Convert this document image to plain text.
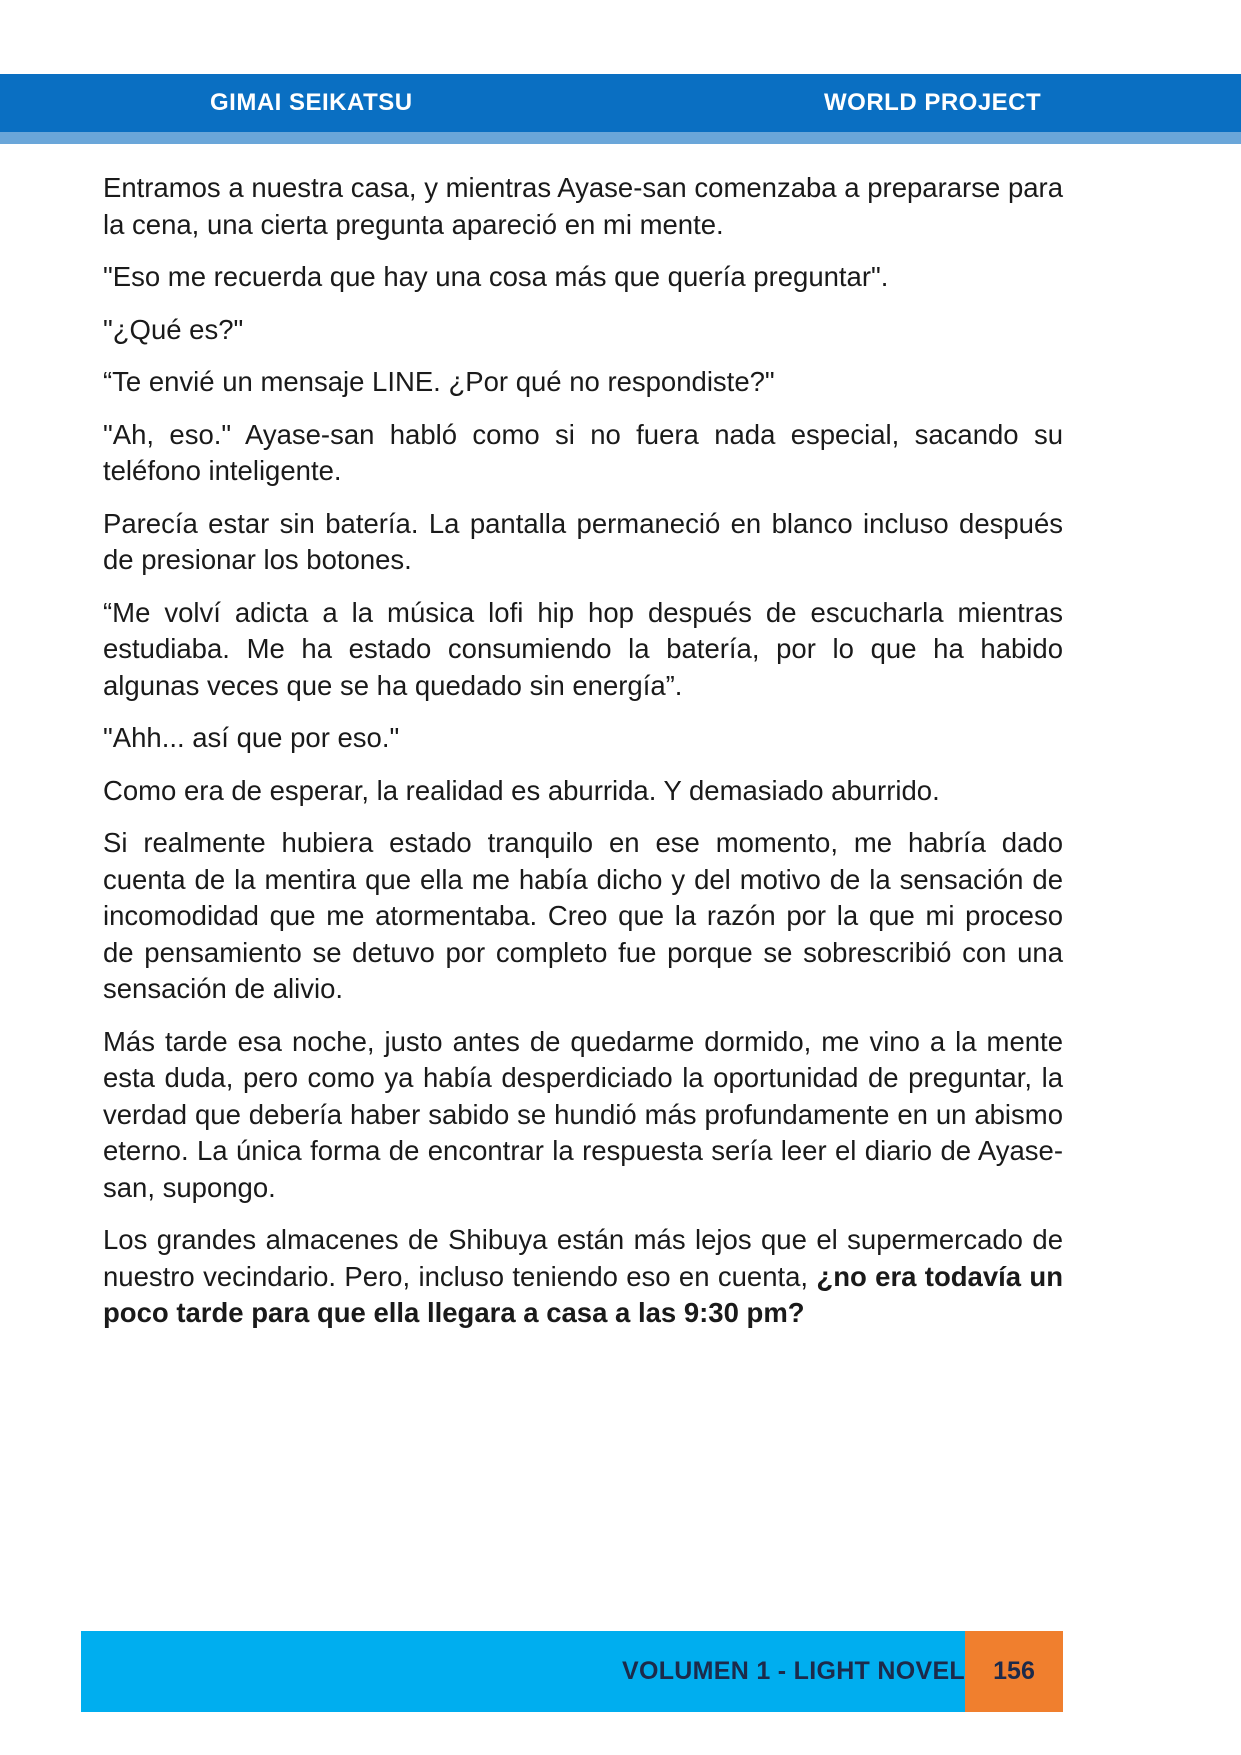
GIMAI SEIKATSU	WORLD PROJECT

Entramos a nuestra casa, y mientras Ayase-san comenzaba a prepararse para la cena, una cierta pregunta apareció en mi mente.

"Eso me recuerda que hay una cosa más que quería preguntar".

"¿Qué es?"

“Te envié un mensaje LINE. ¿Por qué no respondiste?"

"Ah, eso." Ayase-san habló como si no fuera nada especial, sacando su teléfono inteligente.

Parecía estar sin batería. La pantalla permaneció en blanco incluso después de presionar los botones.

“Me volví adicta a la música lofi hip hop después de escucharla mientras estudiaba. Me ha estado consumiendo la batería, por lo que ha habido algunas veces que se ha quedado sin energía”.

"Ahh... así que por eso."

Como era de esperar, la realidad es aburrida. Y demasiado aburrido.

Si realmente hubiera estado tranquilo en ese momento, me habría dado cuenta de la mentira que ella me había dicho y del motivo de la sensación de incomodidad que me atormentaba. Creo que la razón por la que mi proceso de pensamiento se detuvo por completo fue porque se sobrescribió con una sensación de alivio.

Más tarde esa noche, justo antes de quedarme dormido, me vino a la mente esta duda, pero como ya había desperdiciado la oportunidad de preguntar, la verdad que debería haber sabido se hundió más profundamente en un abismo eterno. La única forma de encontrar la respuesta sería leer el diario de Ayase-san, supongo.

Los grandes almacenes de Shibuya están más lejos que el supermercado de nuestro vecindario. Pero, incluso teniendo eso en cuenta, ¿no era todavía un poco tarde para que ella llegara a casa a las 9:30 pm?

VOLUMEN 1 - LIGHT NOVEL	156
